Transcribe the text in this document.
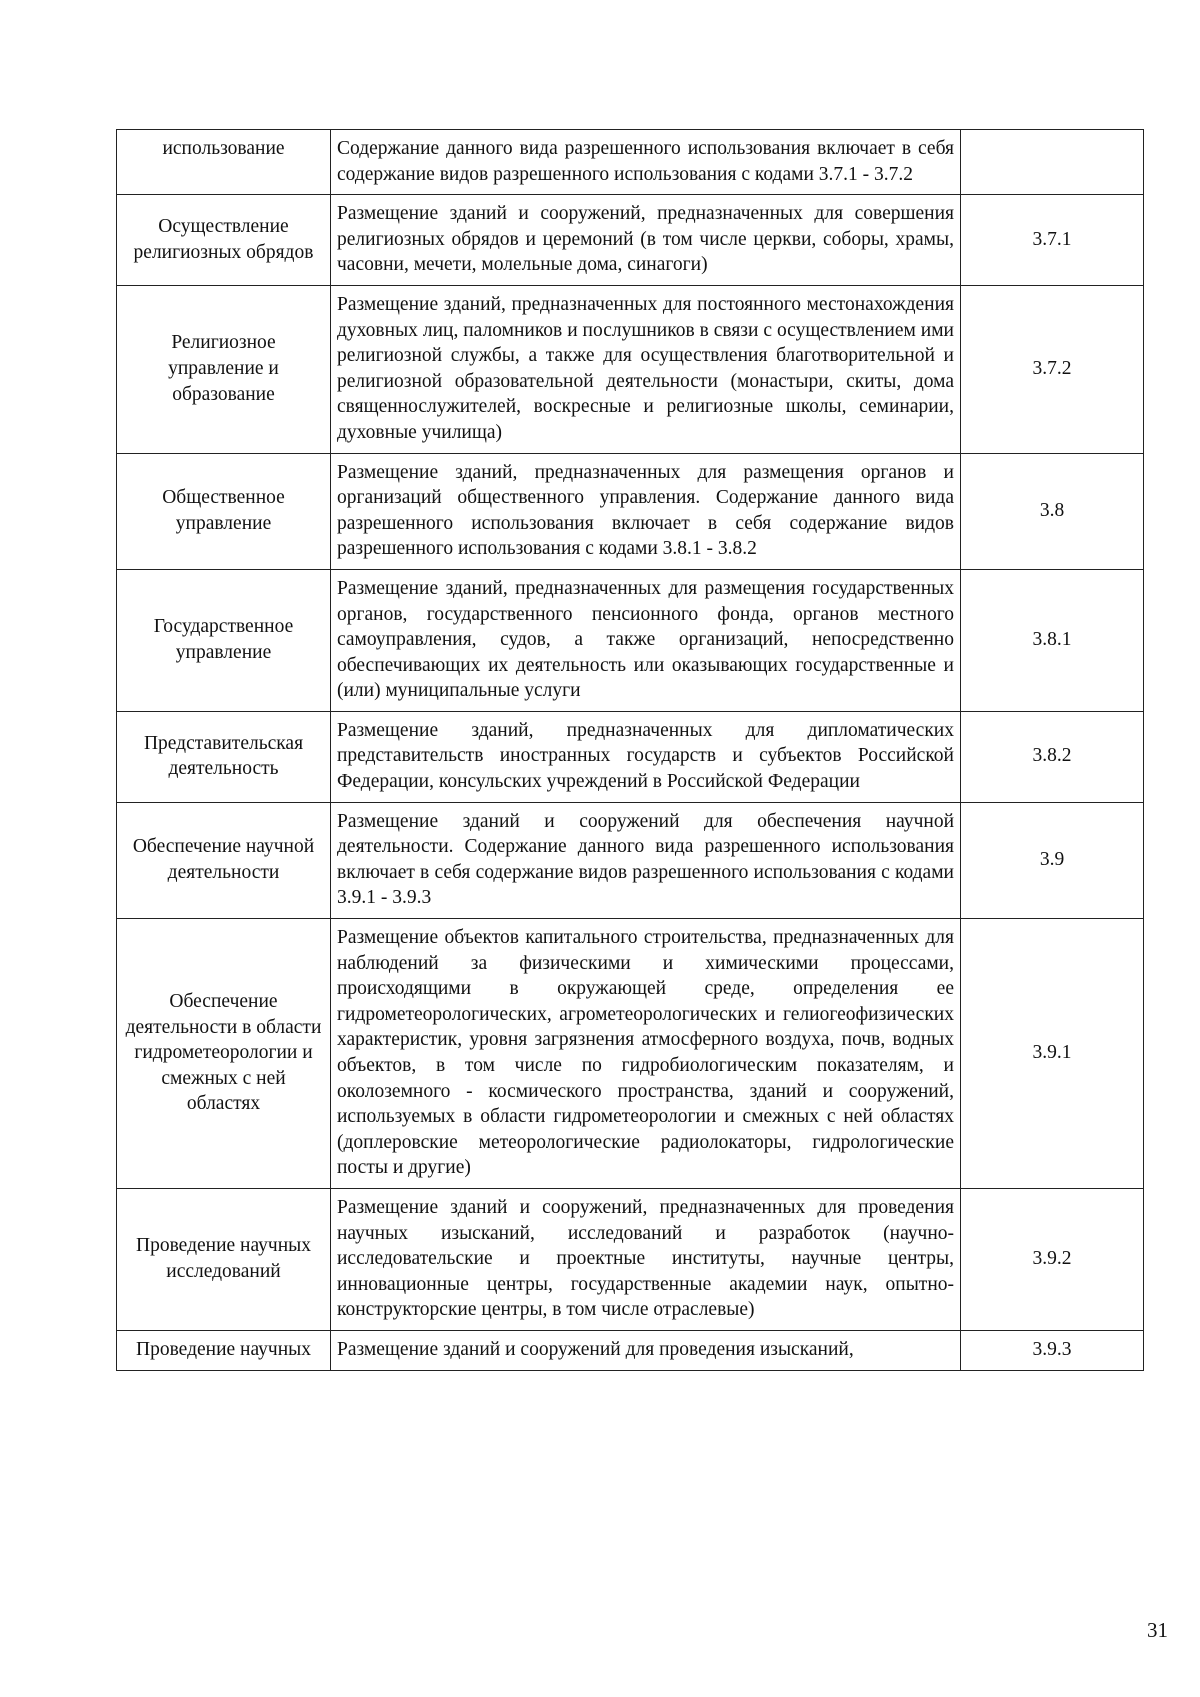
использование	Содержание данного вида разрешенного использования включает в себя содержание видов разрешенного использования с кодами 3.7.1 - 3.7.2	
Осуществление религиозных обрядов	Размещение зданий и сооружений, предназначенных для совершения религиозных обрядов и церемоний (в том числе церкви, соборы, храмы, часовни, мечети, молельные дома, синагоги)	3.7.1
Религиозное управление и образование	Размещение зданий, предназначенных для постоянного местонахождения духовных лиц, паломников и послушников в связи с осуществлением ими религиозной службы, а также для осуществления благотворительной и религиозной образовательной деятельности (монастыри, скиты, дома священнослужителей, воскресные и религиозные школы, семинарии, духовные училища)	3.7.2
Общественное управление	Размещение зданий, предназначенных для размещения органов и организаций общественного управления. Содержание данного вида разрешенного использования включает в себя содержание видов разрешенного использования с кодами 3.8.1 - 3.8.2	3.8
Государственное управление	Размещение зданий, предназначенных для размещения государственных органов, государственного пенсионного фонда, органов местного самоуправления, судов, а также организаций, непосредственно обеспечивающих их деятельность или оказывающих государственные и (или) муниципальные услуги	3.8.1
Представительская деятельность	Размещение зданий, предназначенных для дипломатических представительств иностранных государств и субъектов Российской Федерации, консульских учреждений в Российской Федерации	3.8.2
Обеспечение научной деятельности	Размещение зданий и сооружений для обеспечения научной деятельности. Содержание данного вида разрешенного использования включает в себя содержание видов разрешенного использования с кодами 3.9.1 - 3.9.3	3.9
Обеспечение деятельности в области гидрометеорологии и смежных с ней областях	Размещение объектов капитального строительства, предназначенных для наблюдений за физическими и химическими процессами, происходящими в окружающей среде, определения ее гидрометеорологических, агрометеорологических и гелиогеофизических характеристик, уровня загрязнения атмосферного воздуха, почв, водных объектов, в том числе по гидробиологическим показателям, и околоземного - космического пространства, зданий и сооружений, используемых в области гидрометеорологии и смежных с ней областях (доплеровские метеорологические радиолокаторы, гидрологические посты и другие)	3.9.1
Проведение научных исследований	Размещение зданий и сооружений, предназначенных для проведения научных изысканий, исследований и разработок (научно-исследовательские и проектные институты, научные центры, инновационные центры, государственные академии наук, опытно-конструкторские центры, в том числе отраслевые)	3.9.2
Проведение научных	Размещение зданий и сооружений для проведения изысканий,	3.9.3
31
